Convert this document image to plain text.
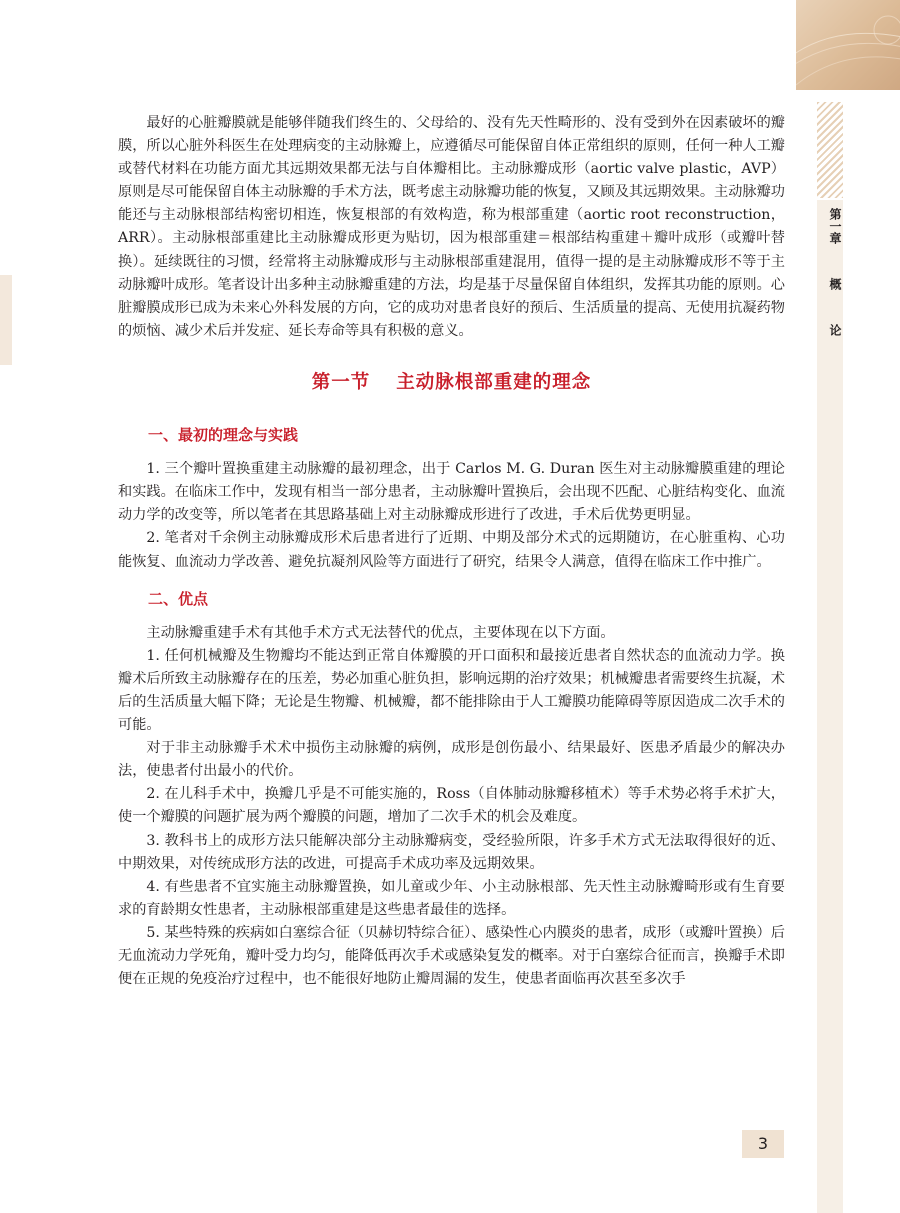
第一章概论

最好的心脏瓣膜就是能够伴随我们终生的、父母给的、没有先天性畸形的、没有受到外在因素破坏的瓣膜，所以心脏外科医生在处理病变的主动脉瓣上，应遵循尽可能保留自体正常组织的原则，任何一种人工瓣或替代材料在功能方面尤其远期效果都无法与自体瓣相比。主动脉瓣成形（aortic valve plastic，AVP）原则是尽可能保留自体主动脉瓣的手术方法，既考虑主动脉瓣功能的恢复，又顾及其远期效果。主动脉瓣功能还与主动脉根部结构密切相连，恢复根部的有效构造，称为根部重建（aortic root reconstruction，ARR）。主动脉根部重建比主动脉瓣成形更为贴切，因为根部重建＝根部结构重建＋瓣叶成形（或瓣叶替换）。延续既往的习惯，经常将主动脉瓣成形与主动脉根部重建混用，值得一提的是主动脉瓣成形不等于主动脉瓣叶成形。笔者设计出多种主动脉瓣重建的方法，均是基于尽量保留自体组织，发挥其功能的原则。心脏瓣膜成形已成为未来心外科发展的方向，它的成功对患者良好的预后、生活质量的提高、无使用抗凝药物的烦恼、减少术后并发症、延长寿命等具有积极的意义。

第一节 主动脉根部重建的理念
一、最初的理念与实践

1. 三个瓣叶置换重建主动脉瓣的最初理念，出于 Carlos M. G. Duran 医生对主动脉瓣膜重建的理论和实践。在临床工作中，发现有相当一部分患者，主动脉瓣叶置换后，会出现不匹配、心脏结构变化、血流动力学的改变等，所以笔者在其思路基础上对主动脉瓣成形进行了改进，手术后优势更明显。

2. 笔者对千余例主动脉瓣成形术后患者进行了近期、中期及部分术式的远期随访，在心脏重构、心功能恢复、血流动力学改善、避免抗凝剂风险等方面进行了研究，结果令人满意，值得在临床工作中推广。

二、优点

主动脉瓣重建手术有其他手术方式无法替代的优点，主要体现在以下方面。

1. 任何机械瓣及生物瓣均不能达到正常自体瓣膜的开口面积和最接近患者自然状态的血流动力学。换瓣术后所致主动脉瓣存在的压差，势必加重心脏负担，影响远期的治疗效果；机械瓣患者需要终生抗凝，术后的生活质量大幅下降；无论是生物瓣、机械瓣，都不能排除由于人工瓣膜功能障碍等原因造成二次手术的可能。

对于非主动脉瓣手术术中损伤主动脉瓣的病例，成形是创伤最小、结果最好、医患矛盾最少的解决办法，使患者付出最小的代价。

2. 在儿科手术中，换瓣几乎是不可能实施的，Ross（自体肺动脉瓣移植术）等手术势必将手术扩大，使一个瓣膜的问题扩展为两个瓣膜的问题，增加了二次手术的机会及难度。

3. 教科书上的成形方法只能解决部分主动脉瓣病变，受经验所限，许多手术方式无法取得很好的近、中期效果，对传统成形方法的改进，可提高手术成功率及远期效果。

4. 有些患者不宜实施主动脉瓣置换，如儿童或少年、小主动脉根部、先天性主动脉瓣畸形或有生育要求的育龄期女性患者，主动脉根部重建是这些患者最佳的选择。

5. 某些特殊的疾病如白塞综合征（贝赫切特综合征）、感染性心内膜炎的患者，成形（或瓣叶置换）后无血流动力学死角，瓣叶受力均匀，能降低再次手术或感染复发的概率。对于白塞综合征而言，换瓣手术即便在正规的免疫治疗过程中，也不能很好地防止瓣周漏的发生，使患者面临再次甚至多次手

3
